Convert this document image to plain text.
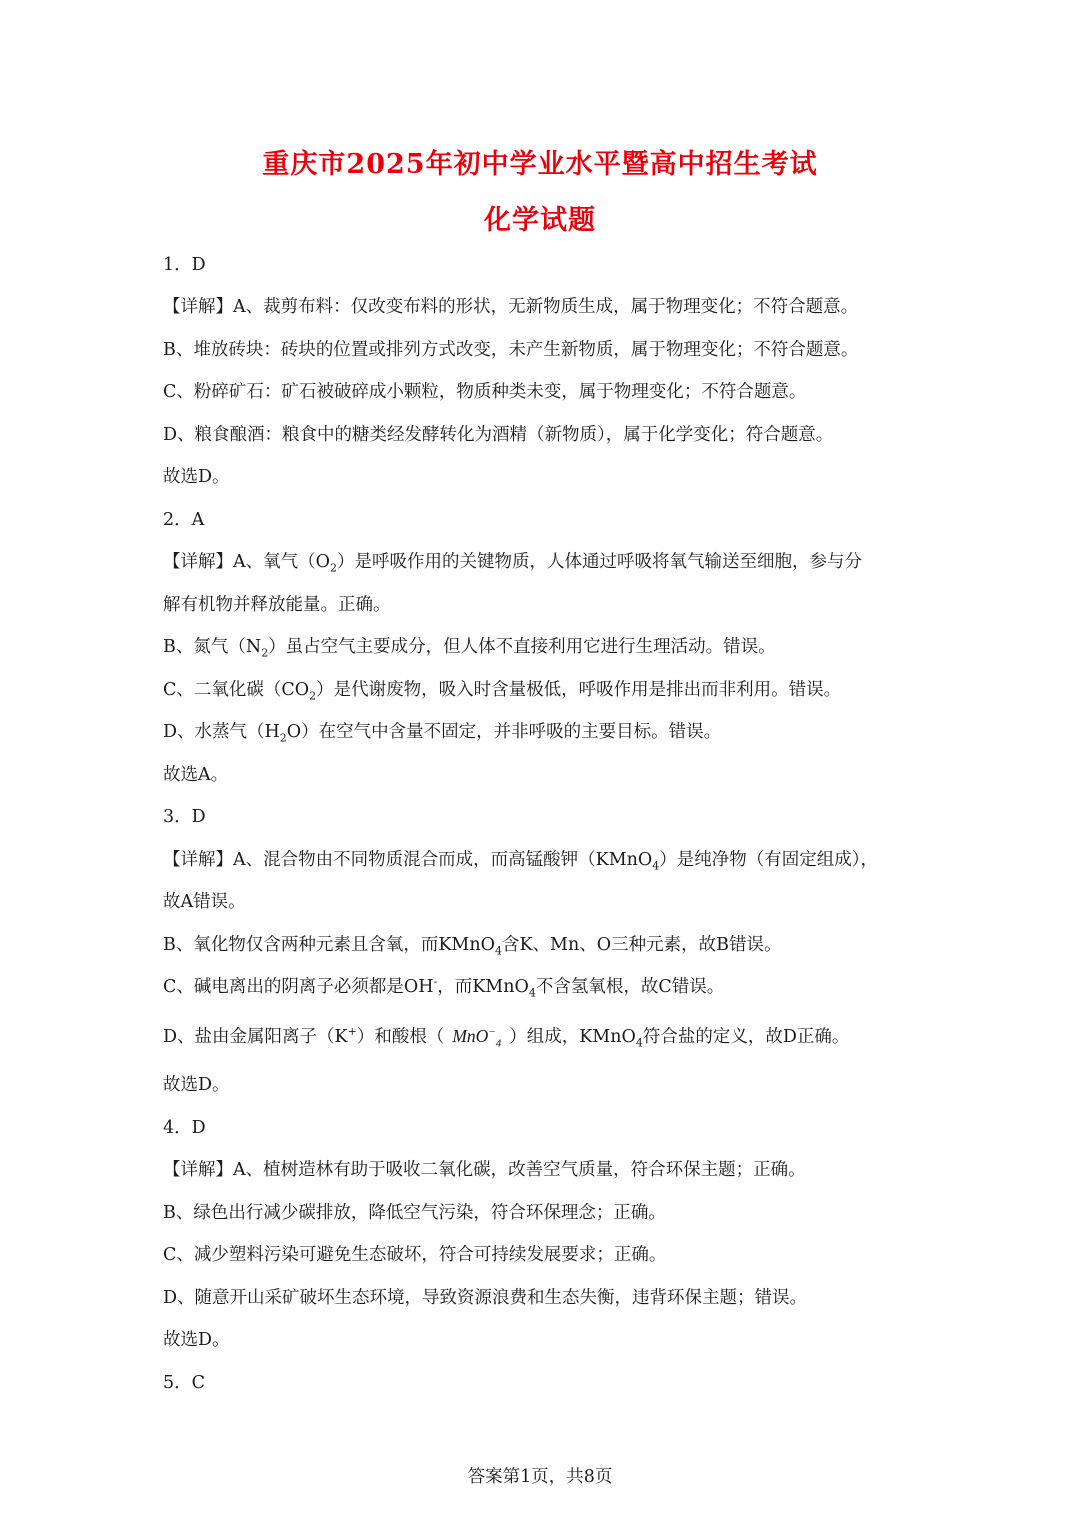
重庆市2025年初中学业水平暨高中招生考试
化学试题
1．D
【详解】A、裁剪布料：仅改变布料的形状，无新物质生成，属于物理变化；不符合题意。
B、堆放砖块：砖块的位置或排列方式改变，未产生新物质，属于物理变化；不符合题意。
C、粉碎矿石：矿石被破碎成小颗粒，物质种类未变，属于物理变化；不符合题意。
D、粮食酿酒：粮食中的糖类经发酵转化为酒精（新物质），属于化学变化；符合题意。
故选D。
2．A
【详解】A、氧气$(O_2)$是呼吸作用的关键物质，人体通过呼吸将氧气输送至细胞，参与分
解有机物并释放能量。正确。
B、氮气$(N_2)$虽占空气主要成分，但人体不直接利用它进行生理活动。错误。
C、二氧化碳$(CO_2)$是代谢废物，吸入时含量极低，呼吸作用是排出而非利用。错误。
D、水蒸气$(H_2O)$在空气中含量不固定，并非呼吸的主要目标。错误。
故选A。
3．D
【详解】A、混合物由不同物质混合而成，而高锰酸钾（KMnO$_4$）是纯净物（有固定组成），
故A错误。
B、氧化物仅含两种元素且含氧，而KMnO$_4$含K、Mn、O三种元素，故B错误。
C、碱电离出的阴离子必须都是OH-，而KMnO$_4$不含氢氧根，故C错误。
D、盐由金属阳离子（K+）和酸根（ MnO−$_4$ ）组成，KMnO$_4$符合盐的定义，故D正确。
故选D。
4．D
【详解】A、植树造林有助于吸收二氧化碳，改善空气质量，符合环保主题；正确。
B、绿色出行减少碳排放，降低空气污染，符合环保理念；正确。
C、减少塑料污染可避免生态破坏，符合可持续发展要求；正确。
D、随意开山采矿破坏生态环境，导致资源浪费和生态失衡，违背环保主题；错误。
故选D。
5．C
答案第1页，共8页
